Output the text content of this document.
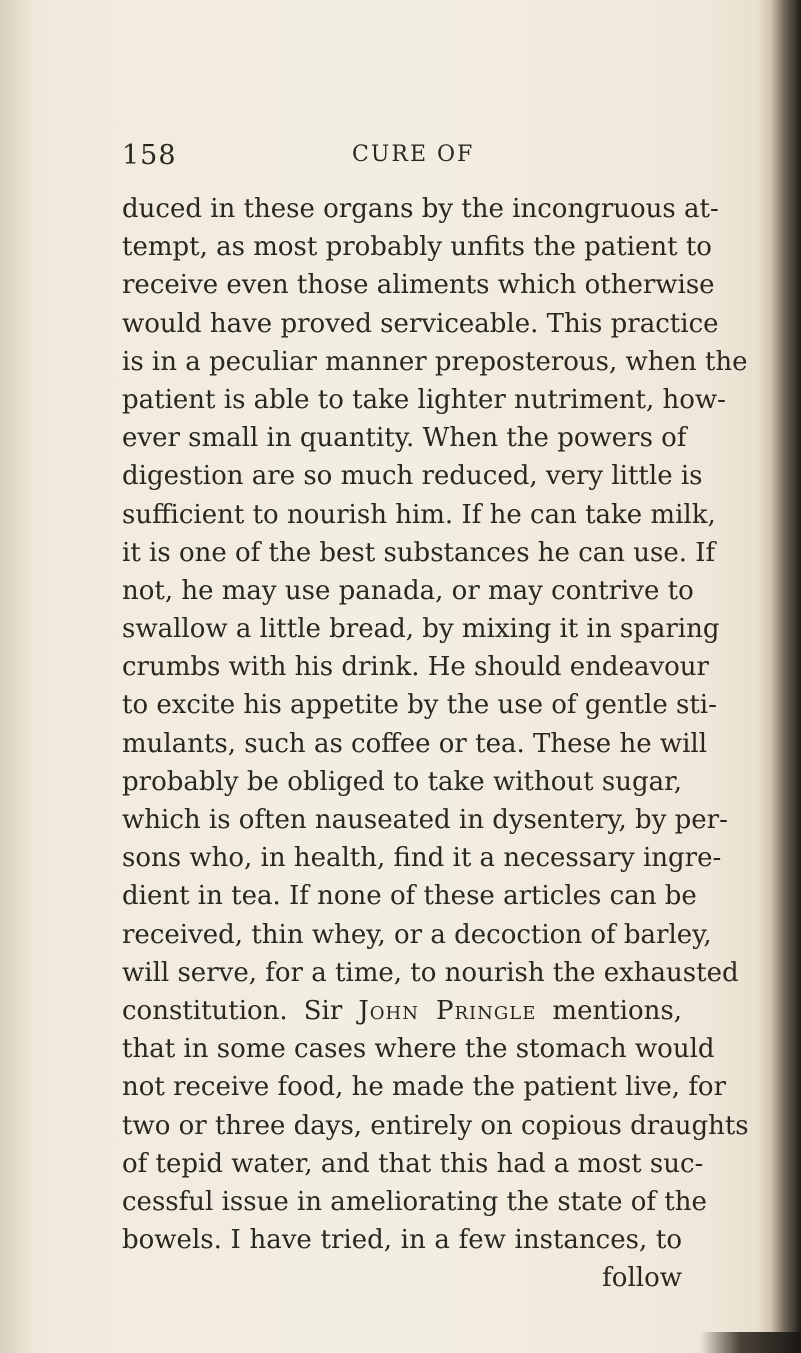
158	CURE OF
duced in these organs by the incongruous at-
tempt, as most probably unfits the patient to
receive even those aliments which otherwise
would have proved serviceable. This practice
is in a peculiar manner preposterous, when the
patient is able to take lighter nutriment, how-
ever small in quantity. When the powers of
digestion are so much reduced, very little is
sufficient to nourish him. If he can take milk,
it is one of the best substances he can use. If
not, he may use panada, or may contrive to
swallow a little bread, by mixing it in sparing
crumbs with his drink. He should endeavour
to excite his appetite by the use of gentle sti-
mulants, such as coffee or tea. These he will
probably be obliged to take without sugar,
which is often nauseated in dysentery, by per-
sons who, in health, find it a necessary ingre-
dient in tea. If none of these articles can be
received, thin whey, or a decoction of barley,
will serve, for a time, to nourish the exhausted
constitution. Sir John Pringle mentions,
that in some cases where the stomach would
not receive food, he made the patient live, for
two or three days, entirely on copious draughts
of tepid water, and that this had a most suc-
cessful issue in ameliorating the state of the
bowels. I have tried, in a few instances, to
follow
